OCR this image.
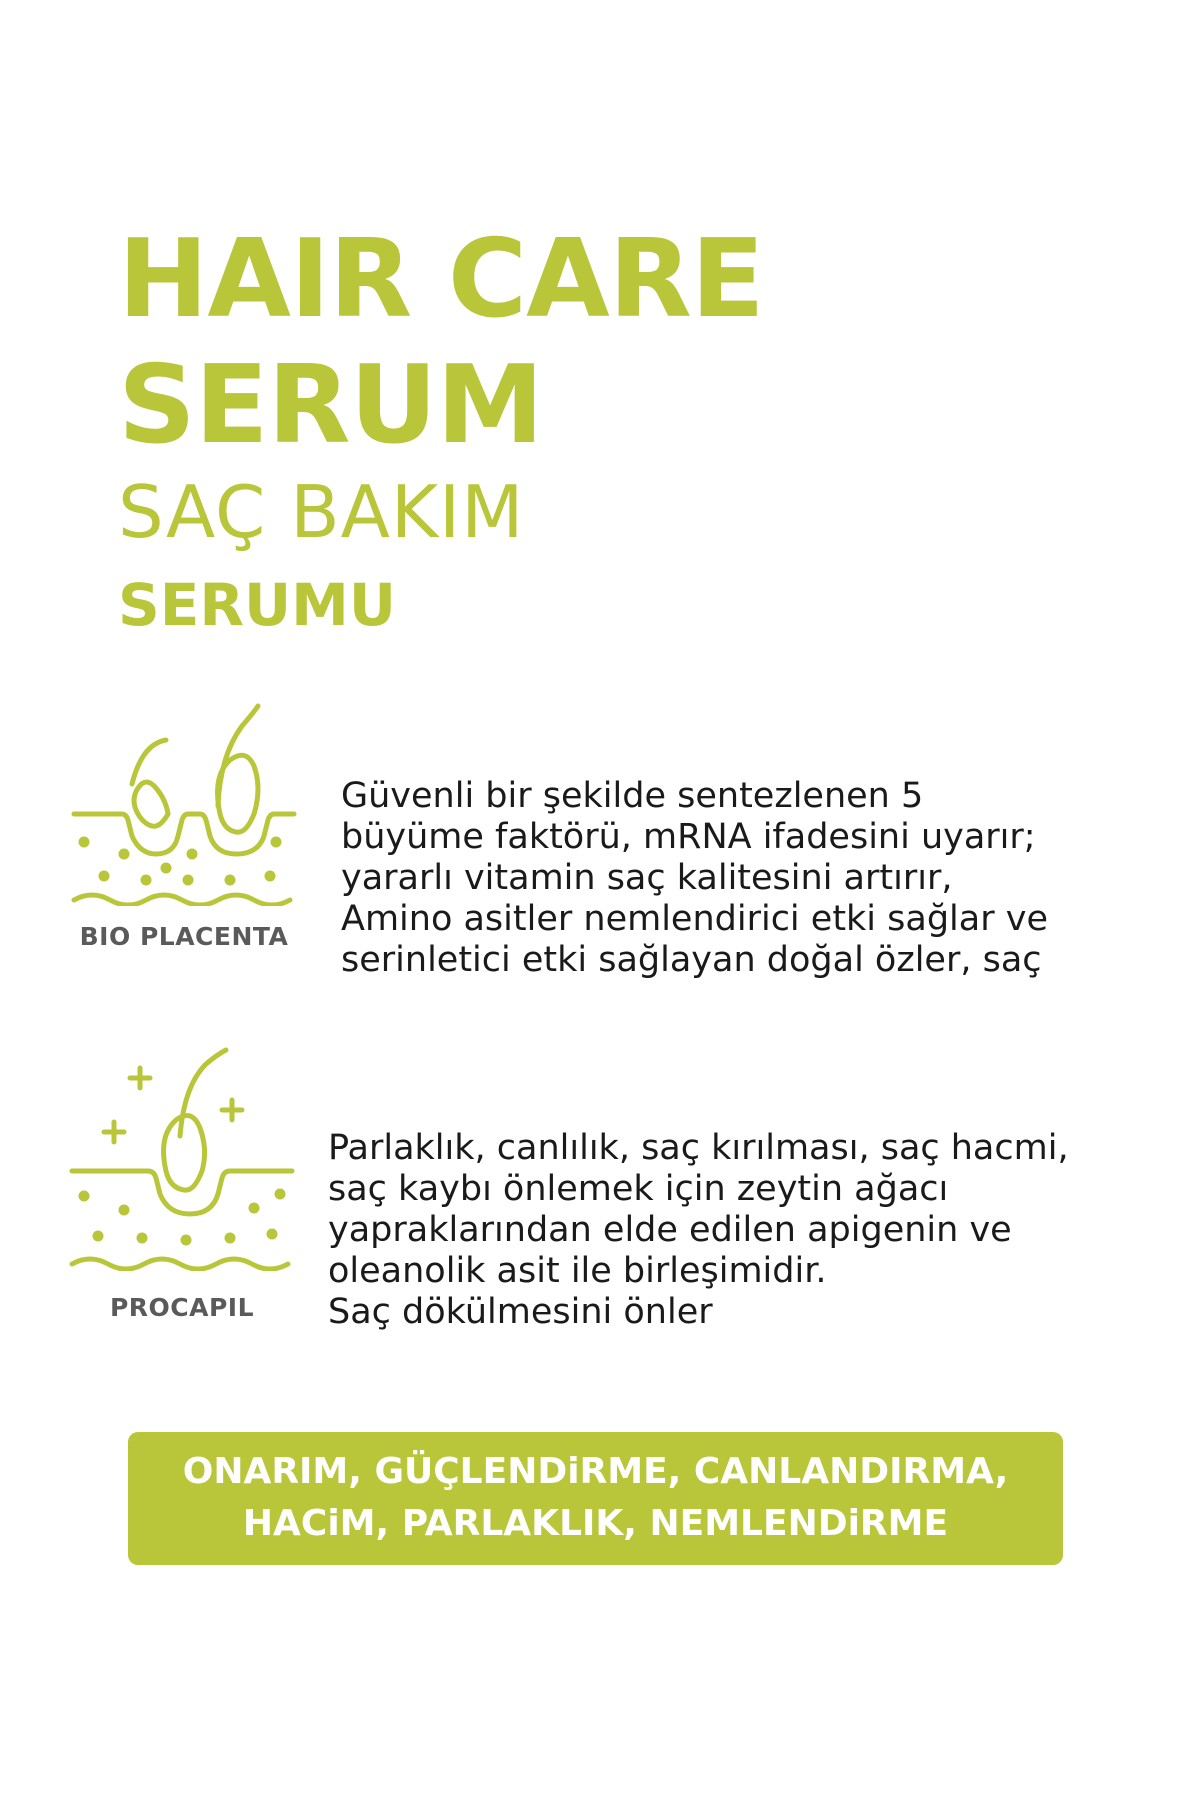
HAIR CARE
SERUM
SAÇ BAKIM
SERUMU

BIO PLACENTA

Güvenli bir şekilde sentezlenen 5
büyüme faktörü, mRNA ifadesini uyarır;
yararlı vitamin saç kalitesini artırır,
Amino asitler nemlendirici etki sağlar ve
serinletici etki sağlayan doğal özler, saç

PROCAPIL

Parlaklık, canlılık, saç kırılması, saç hacmi,
saç kaybı önlemek için zeytin ağacı
yapraklarından elde edilen apigenin ve
oleanolik asit ile birleşimidir.
Saç dökülmesini önler

ONARIM, GÜÇLENDiRME, CANLANDIRMA,

HACiM, PARLAKLIK, NEMLENDiRME
